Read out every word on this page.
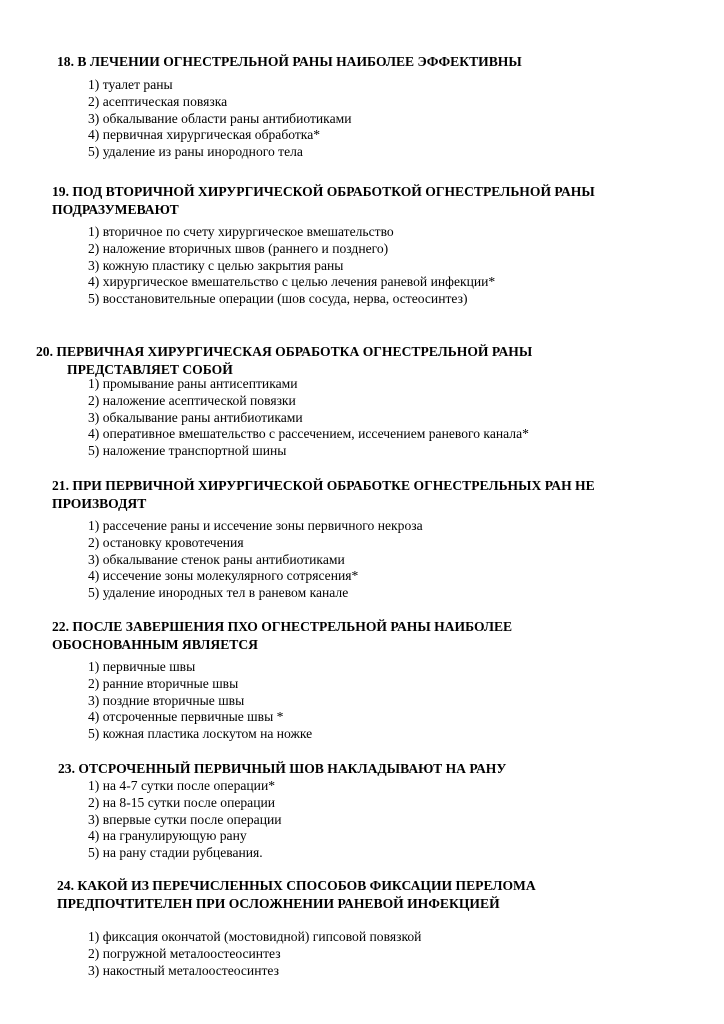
18. В ЛЕЧЕНИИ ОГНЕСТРЕЛЬНОЙ РАНЫ НАИБОЛЕЕ ЭФФЕКТИВНЫ
1) туалет раны
2) асептическая повязка
3) обкалывание области раны антибиотиками
4) первичная хирургическая обработка*
5) удаление из раны инородного тела
19. ПОД ВТОРИЧНОЙ ХИРУРГИЧЕСКОЙ ОБРАБОТКОЙ ОГНЕСТРЕЛЬНОЙ РАНЫ
ПОДРАЗУМЕВАЮТ
1) вторичное по счету хирургическое вмешательство
2) наложение вторичных швов (раннего и позднего)
3) кожную пластику с целью закрытия раны
4) хирургическое вмешательство с целью лечения раневой инфекции*
5) восстановительные операции (шов сосуда, нерва, остеосинтез)
20. ПЕРВИЧНАЯ ХИРУРГИЧЕСКАЯ ОБРАБОТКА ОГНЕСТРЕЛЬНОЙ РАНЫ
ПРЕДСТАВЛЯЕТ СОБОЙ
1) промывание раны антисептиками
2) наложение асептической повязки
3) обкалывание раны антибиотиками
4) оперативное вмешательство с рассечением, иссечением раневого канала*
5) наложение транспортной шины
21. ПРИ ПЕРВИЧНОЙ ХИРУРГИЧЕСКОЙ ОБРАБОТКЕ ОГНЕСТРЕЛЬНЫХ РАН НЕ
ПРОИЗВОДЯТ
1) рассечение раны и иссечение зоны первичного некроза
2) остановку кровотечения
3) обкалывание стенок раны антибиотиками
4) иссечение зоны молекулярного сотрясения*
5) удаление инородных тел в раневом канале
22. ПОСЛЕ ЗАВЕРШЕНИЯ ПХО ОГНЕСТРЕЛЬНОЙ РАНЫ НАИБОЛЕЕ
ОБОСНОВАННЫМ ЯВЛЯЕТСЯ
1) первичные швы
2) ранние вторичные швы
3) поздние вторичные швы
4) отсроченные первичные швы *
5) кожная пластика лоскутом на ножке
23. ОТСРОЧЕННЫЙ ПЕРВИЧНЫЙ ШОВ НАКЛАДЫВАЮТ НА РАНУ
1) на 4-7 сутки после операции*
2) на 8-15 сутки после операции
3) впервые сутки после операции
4) на гранулирующую рану
5) на рану стадии рубцевания.
24. КАКОЙ ИЗ ПЕРЕЧИСЛЕННЫХ СПОСОБОВ ФИКСАЦИИ ПЕРЕЛОМА
ПРЕДПОЧТИТЕЛЕН ПРИ ОСЛОЖНЕНИИ РАНЕВОЙ ИНФЕКЦИЕЙ
1) фиксация окончатой (мостовидной) гипсовой повязкой
2) погружной металоостеосинтез
3) накостный металоостеосинтез
